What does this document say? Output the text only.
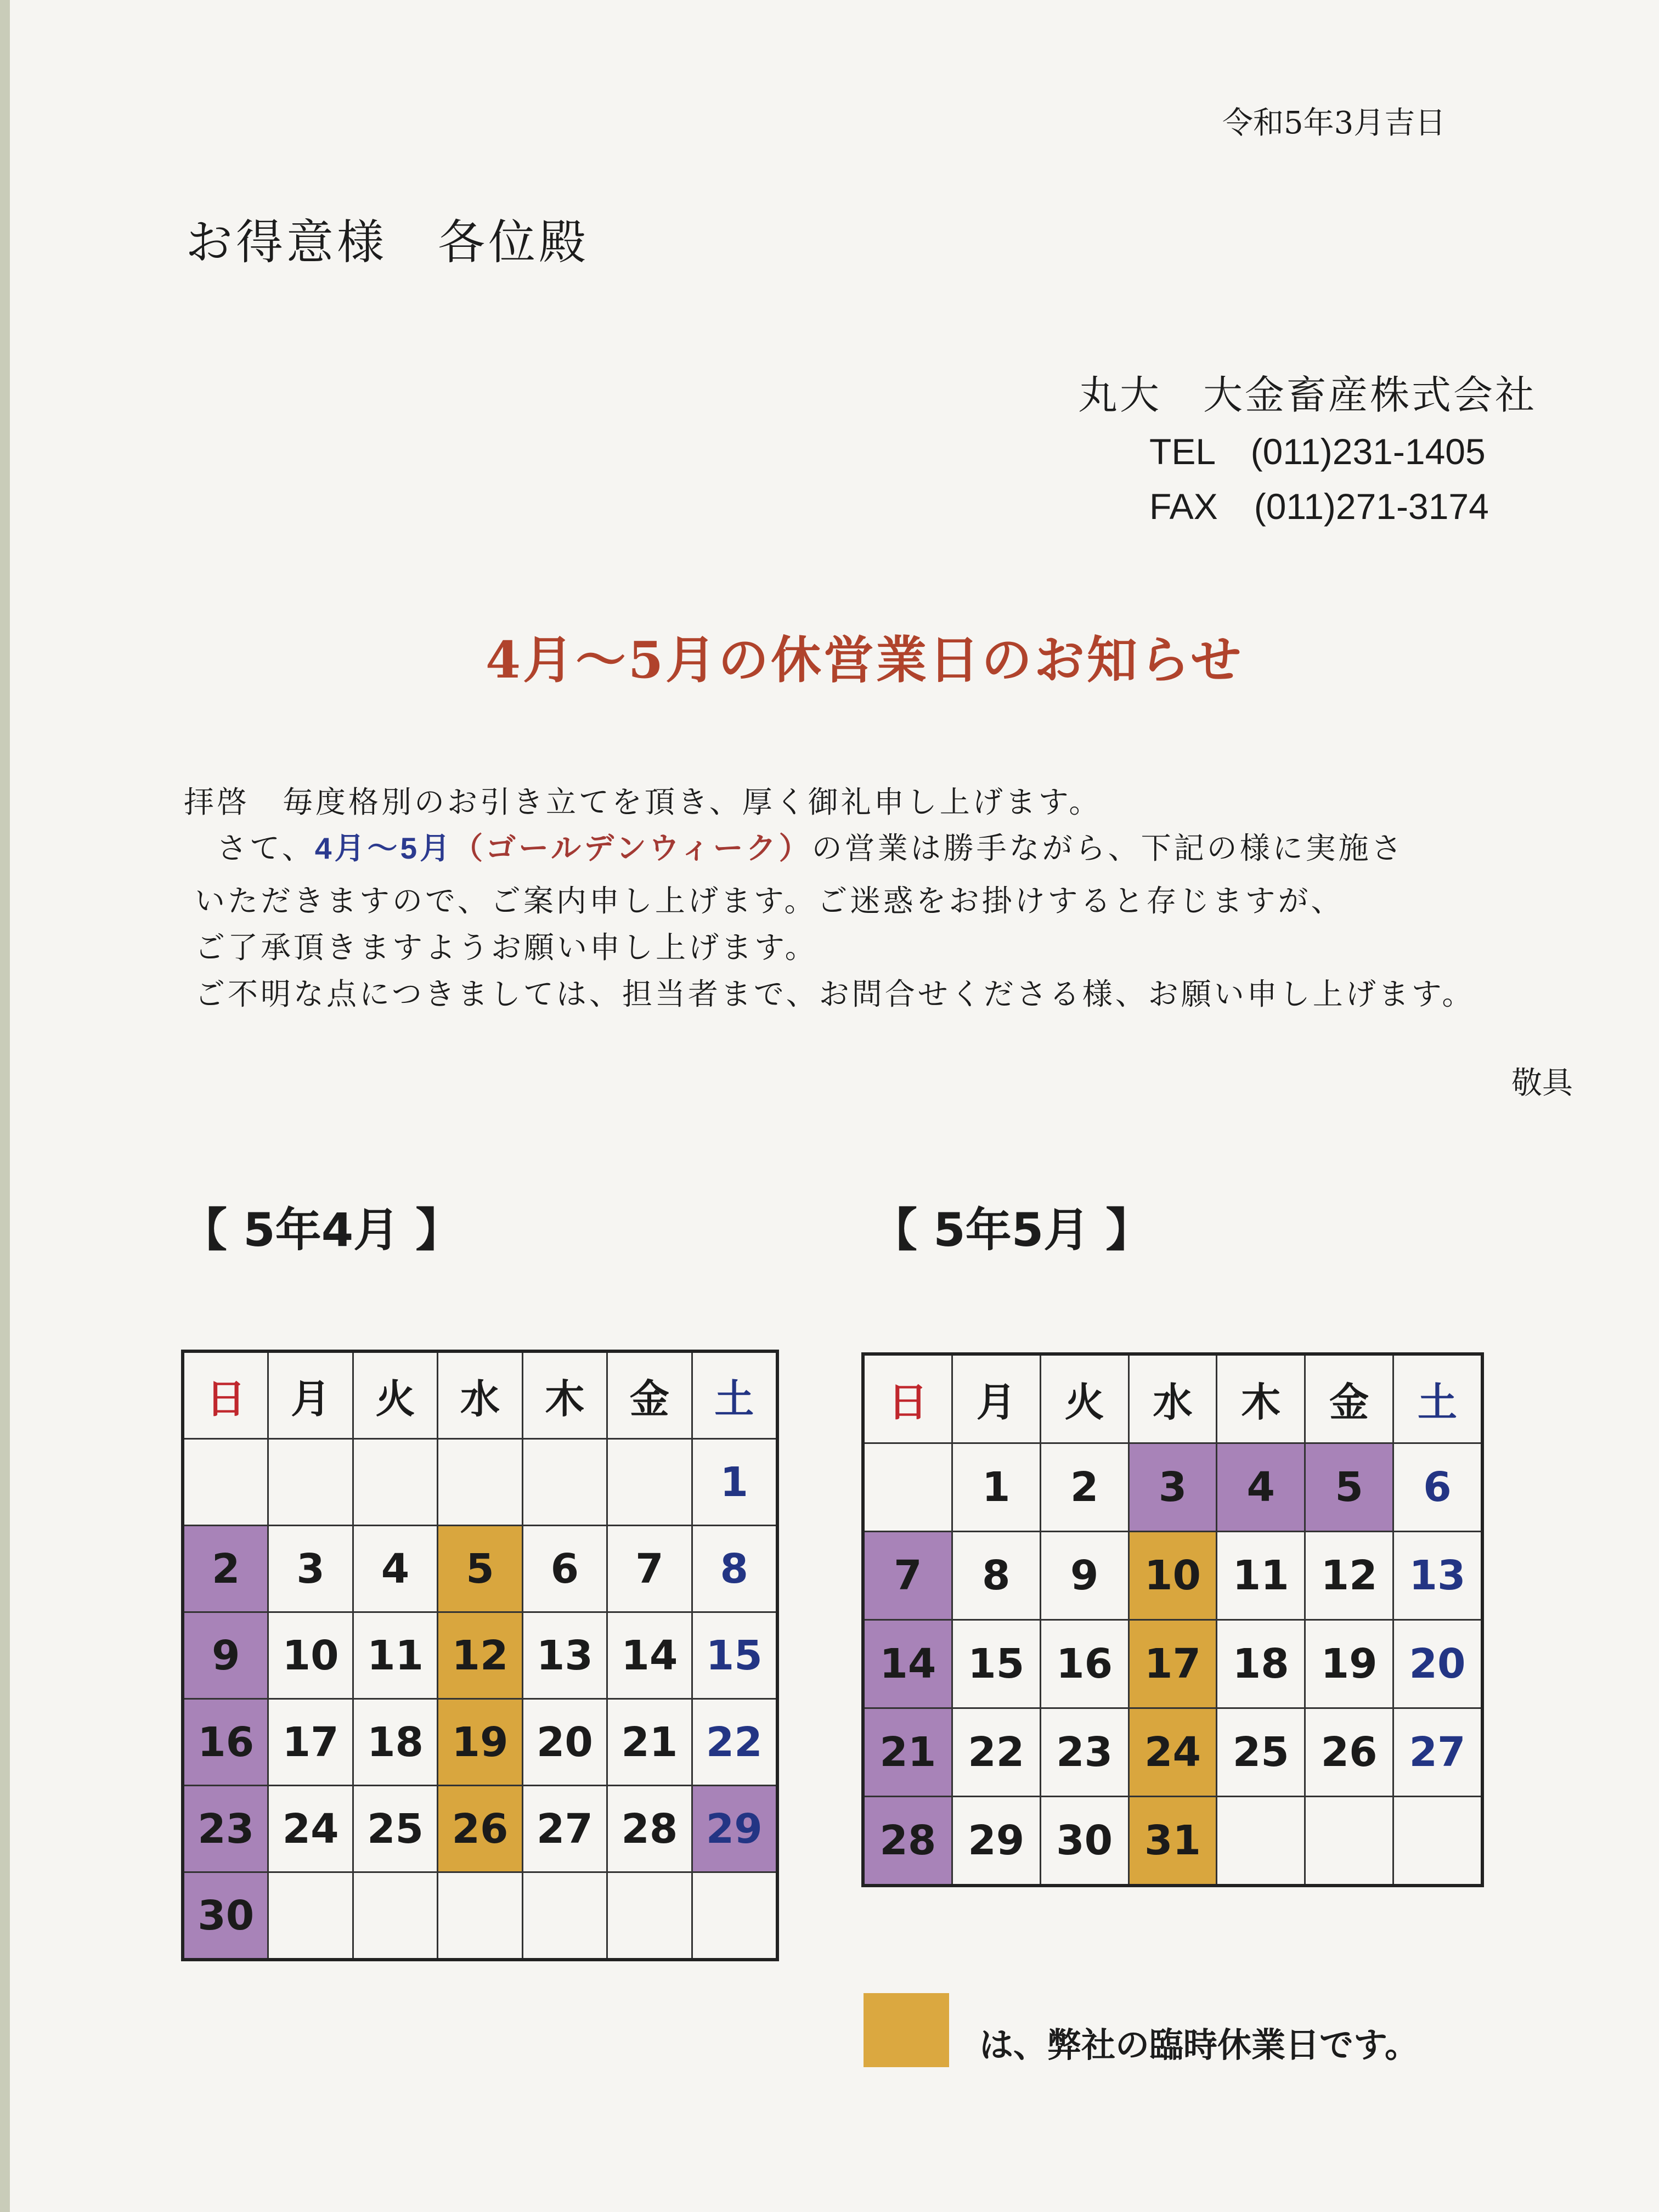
令和5年3月吉日

お得意様　各位殿

丸大　大金畜産株式会社

TEL　(011)231-1405

FAX　(011)271-3174

4月〜5月の休営業日のお知らせ

拝啓　毎度格別のお引き立てを頂き、厚く御礼申し上げます。

さて、4月〜5月（ゴールデンウィーク）の営業は勝手ながら、下記の様に実施さ

いただきますので、ご案内申し上げます。ご迷惑をお掛けすると存じますが、

ご了承頂きますようお願い申し上げます。

ご不明な点につきましては、担当者まで、お問合せくださる様、お願い申し上げます。

敬具

【 5年4月 】	【 5年5月 】

日	月	火	水	木	金	土
						1
2	3	4	5	6	7	8
9	10	11	12	13	14	15
16	17	18	19	20	21	22
23	24	25	26	27	28	29
30						
日	月	火	水	木	金	土
	1	2	3	4	5	6
7	8	9	10	11	12	13
14	15	16	17	18	19	20
21	22	23	24	25	26	27
28	29	30	31			

は、弊社の臨時休業日です。
